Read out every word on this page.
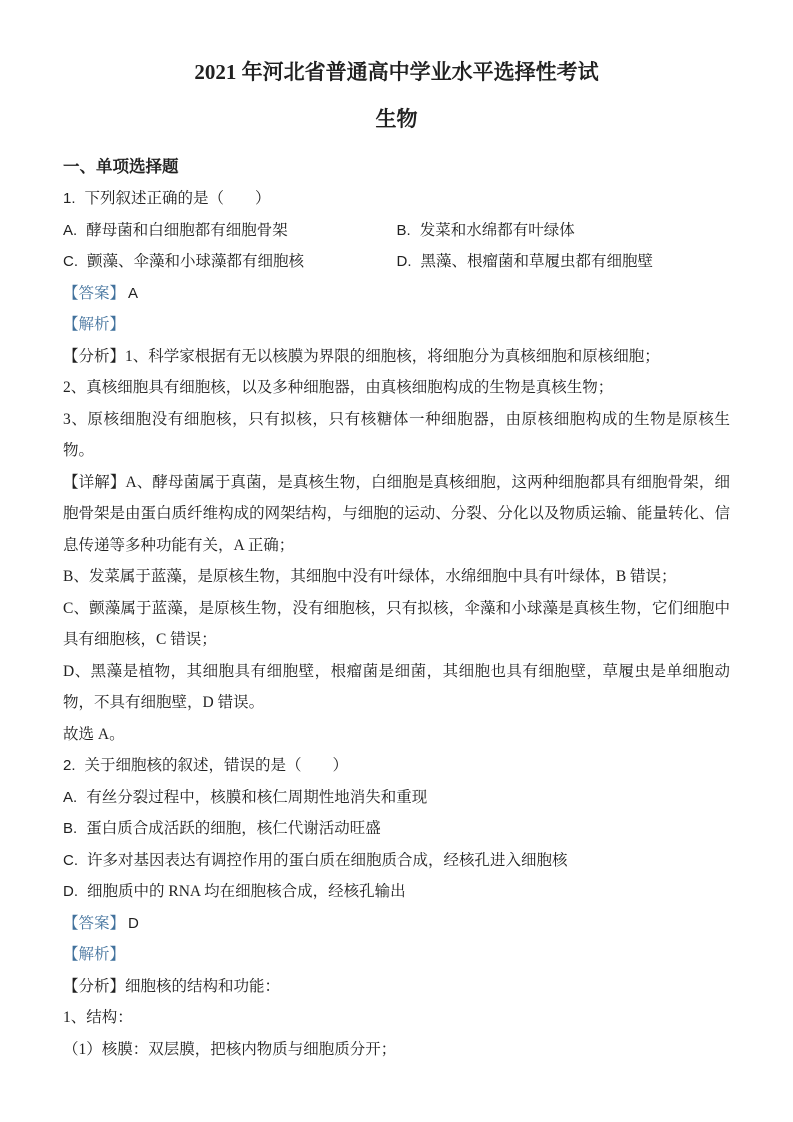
2021 年河北省普通高中学业水平选择性考试
生物
一、单项选择题

1. 下列叙述正确的是（　　）

A. 酵母菌和白细胞都有细胞骨架	B. 发菜和水绵都有叶绿体

C. 颤藻、伞藻和小球藻都有细胞核	D. 黑藻、根瘤菌和草履虫都有细胞壁

【答案】 A

【解析】

【分析】1、科学家根据有无以核膜为界限的细胞核，将细胞分为真核细胞和原核细胞；

2、真核细胞具有细胞核，以及多种细胞器，由真核细胞构成的生物是真核生物；

3、原核细胞没有细胞核，只有拟核，只有核糖体一种细胞器，由原核细胞构成的生物是原核生物。

【详解】A、酵母菌属于真菌，是真核生物，白细胞是真核细胞，这两种细胞都具有细胞骨架，细胞骨架是由蛋白质纤维构成的网架结构，与细胞的运动、分裂、分化以及物质运输、能量转化、信息传递等多种功能有关，A 正确；

B、发菜属于蓝藻，是原核生物，其细胞中没有叶绿体，水绵细胞中具有叶绿体，B 错误；

C、颤藻属于蓝藻，是原核生物，没有细胞核，只有拟核，伞藻和小球藻是真核生物，它们细胞中具有细胞核，C 错误；

D、黑藻是植物，其细胞具有细胞壁，根瘤菌是细菌，其细胞也具有细胞壁，草履虫是单细胞动物，不具有细胞壁，D 错误。

故选 A。

2. 关于细胞核的叙述，错误的是（　　）

A. 有丝分裂过程中，核膜和核仁周期性地消失和重现

B. 蛋白质合成活跃的细胞，核仁代谢活动旺盛

C. 许多对基因表达有调控作用的蛋白质在细胞质合成，经核孔进入细胞核

D. 细胞质中的 RNA 均在细胞核合成，经核孔输出

【答案】 D

【解析】

【分析】细胞核的结构和功能：

1、结构：

（1）核膜：双层膜，把核内物质与细胞质分开；
